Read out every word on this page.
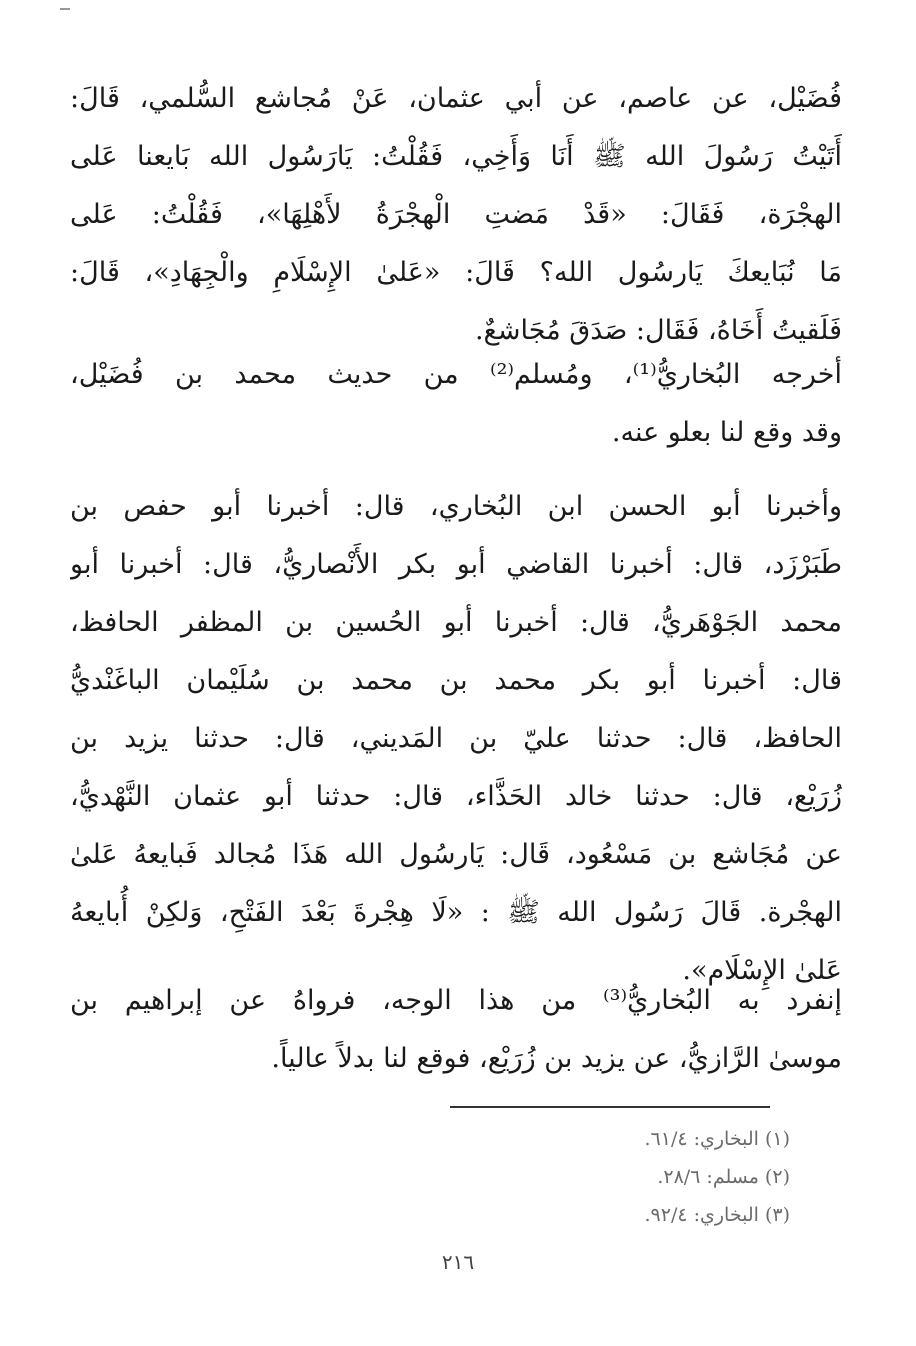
فُضَيْل، عن عاصم، عن أبي عثمان، عَنْ مُجاشع السُّلمي، قَالَ:
أَتَيْتُ رَسُولَ الله ﷺ أَنَا وَأَخِي، فَقُلْتُ: يَارَسُول الله بَايعنا عَلى
الهجْرَة، فَقَالَ: «قَدْ مَضتِ الْهجْرَةُ لأَهْلِهَا»، فَقُلْتُ: عَلى
مَا نُبَايعكَ يَارسُول الله؟ قَالَ: «عَلىٰ الإِسْلَامِ والْجِهَادِ»، قَالَ:
فَلَقيتُ أَخَاهُ، فَقَال: صَدَقَ مُجَاشعٌ.
أخرجه البُخاريُّ⁽¹⁾، ومُسلم⁽²⁾ من حديث محمد بن فُضَيْل،
وقد وقع لنا بعلو عنه.
وأخبرنا أبو الحسن ابن البُخاري، قال: أخبرنا أبو حفص بن
طَبَرْزَد، قال: أخبرنا القاضي أبو بكر الأَنْصاريُّ، قال: أخبرنا أبو
محمد الجَوْهَريُّ، قال: أخبرنا أبو الحُسين بن المظفر الحافظ،
قال: أخبرنا أبو بكر محمد بن محمد بن سُلَيْمان الباغَنْديُّ
الحافظ، قال: حدثنا عليّ بن المَديني، قال: حدثنا يزيد بن
زُرَيْع، قال: حدثنا خالد الحَذَّاء، قال: حدثنا أبو عثمان النَّهْديُّ،
عن مُجَاشع بن مَسْعُود، قَال: يَارسُول الله هَذَا مُجالد فَبايعهُ عَلىٰ
الهجْرة. قَالَ رَسُول الله ﷺ : «لَا هِجْرةَ بَعْدَ الفَتْحِ، وَلكِنْ أُبايعهُ
عَلىٰ الإِسْلَام».
إنفرد به البُخاريُّ⁽³⁾ من هذا الوجه، فرواهُ عن إبراهيم بن
موسىٰ الرَّازيُّ، عن يزيد بن زُرَيْع، فوقع لنا بدلاً عالياً.
(١) البخاري: ٦١/٤.
(٢) مسلم: ٢٨/٦.
(٣) البخاري: ٩٢/٤.
٢١٦
